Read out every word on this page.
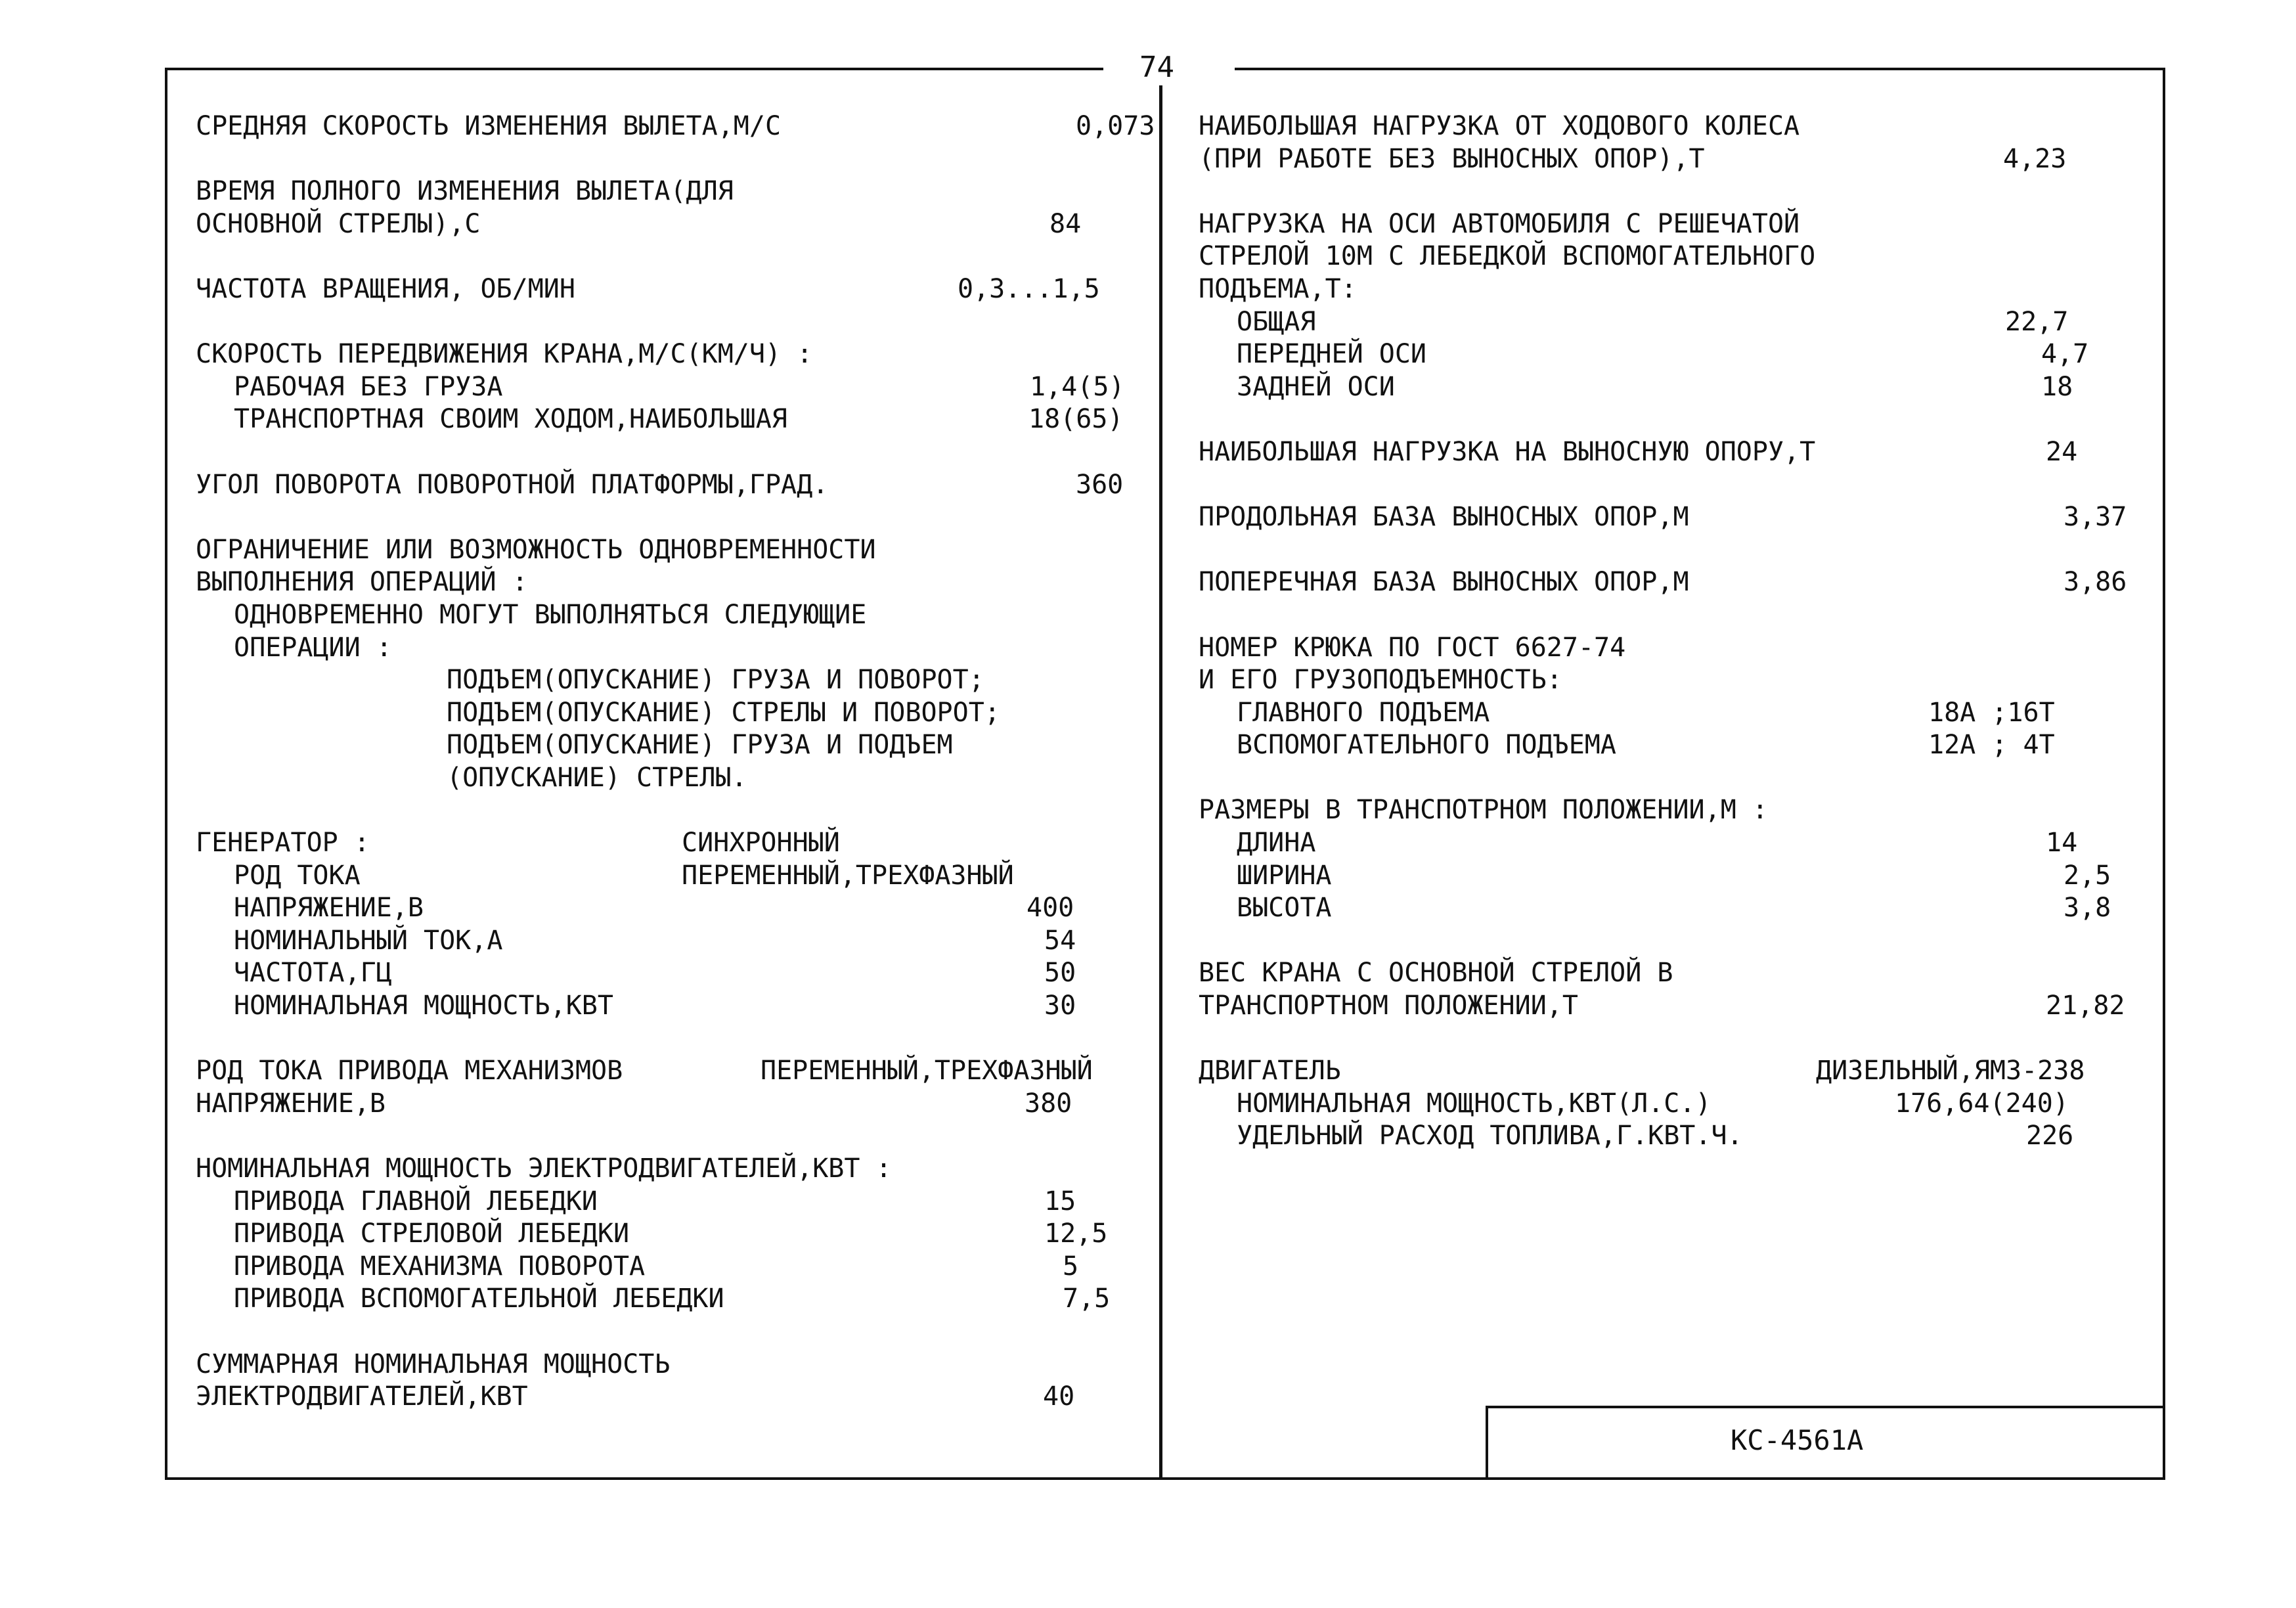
74
СРЕДНЯЯ СКОРОСТЬ ИЗМЕНЕНИЯ ВЫЛЕТА,М/С	0,073
ВРЕМЯ ПОЛНОГО ИЗМЕНЕНИЯ ВЫЛЕТА(ДЛЯ
ОСНОВНОЙ СТРЕЛЫ),С	84
ЧАСТОТА ВРАЩЕНИЯ, ОБ/МИН	0,3...1,5
СКОРОСТЬ ПЕРЕДВИЖЕНИЯ КРАНА,М/С(КМ/Ч) :
РАБОЧАЯ БЕЗ ГРУЗА	1,4(5)
ТРАНСПОРТНАЯ СВОИМ ХОДОМ,НАИБОЛЬШАЯ	18(65)
УГОЛ ПОВОРОТА ПОВОРОТНОЙ ПЛАТФОРМЫ,ГРАД.	360
ОГРАНИЧЕНИЕ ИЛИ ВОЗМОЖНОСТЬ ОДНОВРЕМЕННОСТИ
ВЫПОЛНЕНИЯ ОПЕРАЦИЙ :
ОДНОВРЕМЕННО МОГУТ ВЫПОЛНЯТЬСЯ СЛЕДУЮЩИЕ
ОПЕРАЦИИ :
ПОДЪЕМ(ОПУСКАНИЕ) ГРУЗА И ПОВОРОТ;
ПОДЪЕМ(ОПУСКАНИЕ) СТРЕЛЫ И ПОВОРОТ;
ПОДЪЕМ(ОПУСКАНИЕ) ГРУЗА И ПОДЪЕМ
(ОПУСКАНИЕ) СТРЕЛЫ.
ГЕНЕРАТОР :	СИНХРОННЫЙ
РОД ТОКА	ПЕРЕМЕННЫЙ,ТРЕХФАЗНЫЙ
НАПРЯЖЕНИЕ,В	400
НОМИНАЛЬНЫЙ ТОК,А	54
ЧАСТОТА,ГЦ	50
НОМИНАЛЬНАЯ МОЩНОСТЬ,КВТ	30
РОД ТОКА ПРИВОДА МЕХАНИЗМОВ	ПЕРЕМЕННЫЙ,ТРЕХФАЗНЫЙ
НАПРЯЖЕНИЕ,В	380
НОМИНАЛЬНАЯ МОЩНОСТЬ ЭЛЕКТРОДВИГАТЕЛЕЙ,КВТ :
ПРИВОДА ГЛАВНОЙ ЛЕБЕДКИ	15
ПРИВОДА СТРЕЛОВОЙ ЛЕБЕДКИ	12,5
ПРИВОДА МЕХАНИЗМА ПОВОРОТА	5
ПРИВОДА ВСПОМОГАТЕЛЬНОЙ ЛЕБЕДКИ	7,5
СУММАРНАЯ НОМИНАЛЬНАЯ МОЩНОСТЬ
ЭЛЕКТРОДВИГАТЕЛЕЙ,КВТ	40
НАИБОЛЬШАЯ НАГРУЗКА ОТ ХОДОВОГО КОЛЕСА
(ПРИ РАБОТЕ БЕЗ ВЫНОСНЫХ ОПОР),Т	4,23
НАГРУЗКА НА ОСИ АВТОМОБИЛЯ С РЕШЕЧАТОЙ
СТРЕЛОЙ 10М С ЛЕБЕДКОЙ ВСПОМОГАТЕЛЬНОГО
ПОДЪЕМА,Т:
ОБЩАЯ	22,7
ПЕРЕДНЕЙ ОСИ	4,7
ЗАДНЕЙ ОСИ	18
НАИБОЛЬШАЯ НАГРУЗКА НА ВЫНОСНУЮ ОПОРУ,Т	24
ПРОДОЛЬНАЯ БАЗА ВЫНОСНЫХ ОПОР,М	3,37
ПОПЕРЕЧНАЯ БАЗА ВЫНОСНЫХ ОПОР,М	3,86
НОМЕР КРЮКА ПО ГОСТ 6627-74
И ЕГО ГРУЗОПОДЪЕМНОСТЬ:
ГЛАВНОГО ПОДЪЕМА	18А ;16Т
ВСПОМОГАТЕЛЬНОГО ПОДЪЕМА	12А ; 4Т
РАЗМЕРЫ В ТРАНСПОТРНОМ ПОЛОЖЕНИИ,М :
ДЛИНА	14
ШИРИНА	2,5
ВЫСОТА	3,8
ВЕС КРАНА С ОСНОВНОЙ СТРЕЛОЙ В
ТРАНСПОРТНОМ ПОЛОЖЕНИИ,Т	21,82
ДВИГАТЕЛЬ	ДИЗЕЛЬНЫЙ,ЯМЗ-238
НОМИНАЛЬНАЯ МОЩНОСТЬ,КВТ(Л.С.)	176,64(240)
УДЕЛЬНЫЙ РАСХОД ТОПЛИВА,Г.КВТ.Ч.	226
КС-4561А
